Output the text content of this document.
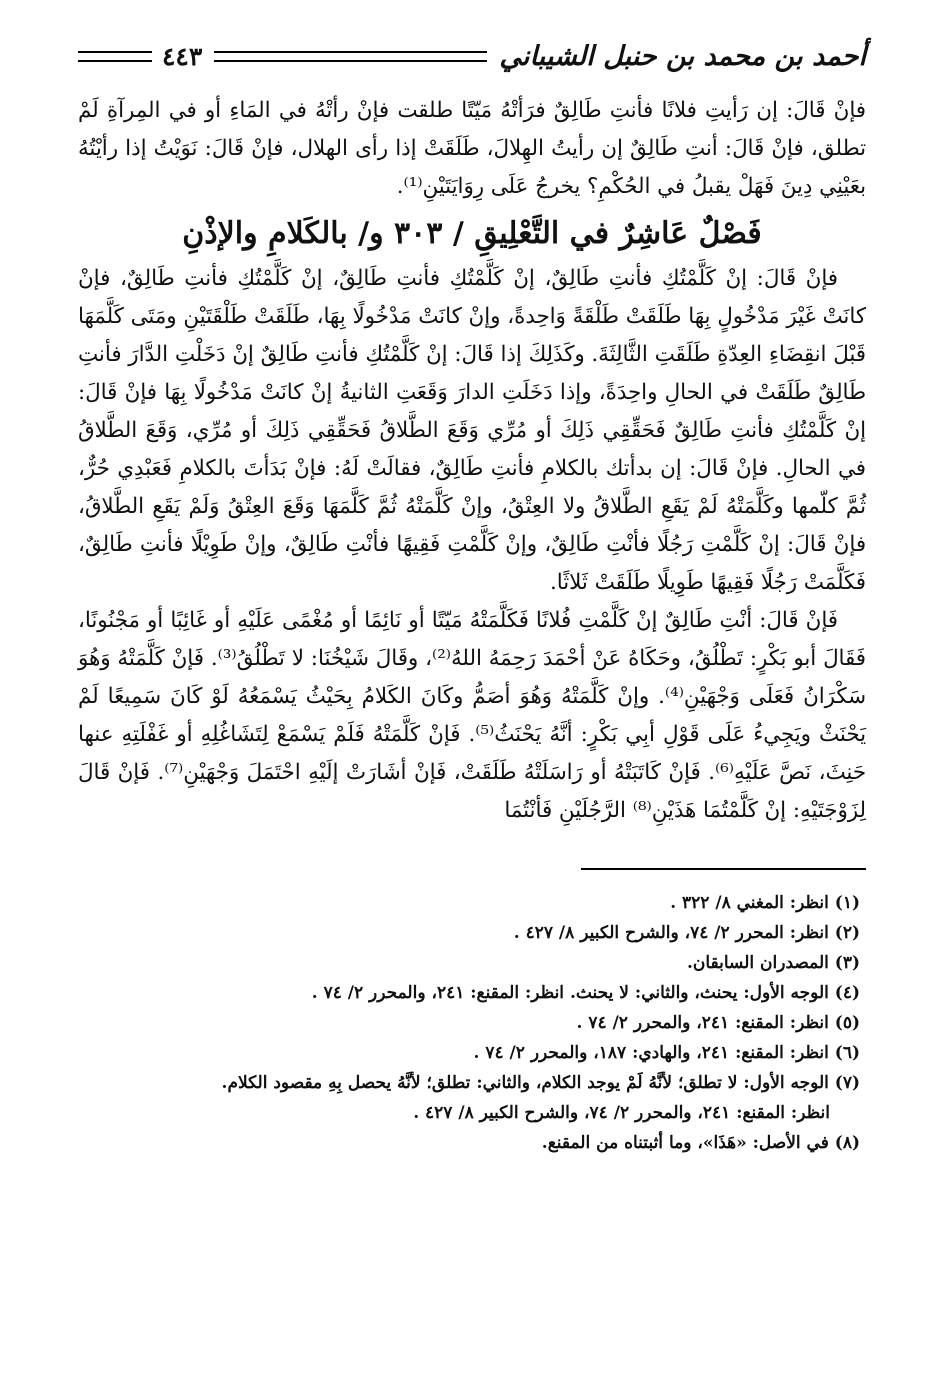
أحمد بن محمد بن حنبل الشيباني
٤٤٣

فإنْ قَالَ: إن رَأيتِ فلانًا فأنتِ طَالِقٌ فرَأتْهُ مَيّتًا طلقت فإنْ رأتْهُ في المَاءِ أو في المِرآةِ لَمْ تطلق، فإنْ قَالَ: أنتِ طَالِقٌ إن رأيتُ الهِلالَ، طَلَقَتْ إذا رأى الهلال، فإنْ قَالَ: نَوَيْتُ إذا رأيْتُهُ بعَيْنِي دِينَ فَهَلْ يقبلُ في الحُكْمِ؟ يخرجُ عَلَى رِوَايَتَيْنِ⁽¹⁾.

فَصْلٌ عَاشِرٌ في التَّعْلِيقِ / ٣٠٣ و/ بالكَلامِ والإذْنِ

فإنْ قَالَ: إنْ كَلَّمْتُكِ فأنتِ طَالِقٌ، إنْ كَلَّمْتُكِ فأنتِ طَالِقٌ، إنْ كَلَّمْتُكِ فأنتِ طَالِقٌ، فإنْ كانَتْ غَيْرَ مَدْخُولٍ بِهَا طَلَقَتْ طَلْقَةً وَاحِدةً، وإنْ كانَتْ مَدْخُولًا بِهَا، طَلَقَتْ طَلْقَتَيْنِ ومَتَى كَلَّمَهَا قَبْلَ انقِضَاءِ العِدّةِ طَلَقَتِ الثَّالِثَةَ. وكَذَلِكَ إذا قَالَ: إنْ كَلَّمْتُكِ فأنتِ طَالِقٌ إنْ دَخَلْتِ الدَّارَ فأنتِ طَالِقٌ طَلَقَتْ في الحالِ واحِدَةً، وإذا دَخَلَتِ الدارَ وَقَعَتِ الثانيةُ إنْ كانَتْ مَدْخُولًا بِهَا فإنْ قَالَ: إنْ كَلَّمْتُكِ فأنتِ طَالِقٌ فَحَقِّقِي ذَلِكَ أو مُرِّي وَقَعَ الطَّلاقُ فَحَقِّقِي ذَلِكَ أو مُرِّي، وَقَعَ الطَّلاقُ في الحالِ. فإنْ قَالَ: إن بدأتك بالكلامِ فأنتِ طَالِقٌ، فقالَتْ لَهُ: فإنْ بَدَأتَ بالكلامِ فَعَبْدِي حُرٌّ، ثُمَّ كلّمها وكَلَّمَتْهُ لَمْ يَقَعِ الطَّلاقُ ولا العِتْقُ، وإنْ كَلَّمَتْهُ ثُمَّ كَلَّمَهَا وَقَعَ العِتْقُ وَلَمْ يَقَعِ الطَّلاقُ، فإنْ قَالَ: إنْ كَلَّمْتِ رَجُلًا فأنْتِ طَالِقٌ، وإنْ كَلَّمْتِ فَقِيهًا فأنْتِ طَالِقٌ، وإنْ طَوِيْلًا فأنتِ طَالِقٌ، فَكَلَّمَتْ رَجُلًا فَقِيهًا طَوِيلًا طَلَقَتْ ثَلاثًا.

فَإنْ قَالَ: أنْتِ طَالِقٌ إنْ كَلَّمْتِ فُلانًا فَكَلَّمَتْهُ مَيّتًا أو نَائِمًا أو مُغْمًى عَلَيْهِ أو غَائِبًا أو مَجْنُونًا، فَقَالَ أبو بَكْرٍ: تَطْلُقُ، وحَكَاهُ عَنْ أحْمَدَ رَحِمَهُ اللهُ⁽²⁾، وقَالَ شَيْخُنَا: لا تَطْلُقُ⁽³⁾. فَإنْ كَلَّمَتْهُ وَهُوَ سَكْرَانُ فَعَلَى وَجْهَيْنِ⁽⁴⁾. وإنْ كَلَّمَتْهُ وَهُوَ أصَمُّ وكَانَ الكَلامُ بِحَيْثُ يَسْمَعُهُ لَوْ كَانَ سَمِيعًا لَمْ يَحْنَثْ ويَجِيءُ عَلَى قَوْلِ أبِي بَكْرٍ: أنَّهُ يَحْنَثُ⁽⁵⁾. فَإنْ كَلَّمَتْهُ فَلَمْ يَسْمَعْ لِتَشَاغُلِهِ أو غَفْلَتِهِ عنها حَنِثَ، نَصَّ عَلَيْهِ⁽⁶⁾. فَإنْ كَاتَبَتْهُ أو رَاسَلَتْهُ طَلَقَتْ، فَإنْ أشَارَتْ إلَيْهِ احْتَمَلَ وَجْهَيْنِ⁽⁷⁾. فَإنْ قَالَ لِزَوْجَتَيْهِ: إنْ كَلَّمْتُمَا هَذَيْنِ⁽⁸⁾ الرَّجُلَيْنِ فَأنْتُمَا

(١) انظر: المغني ٨/ ٣٢٢ .

(٢) انظر: المحرر ٢/ ٧٤، والشرح الكبير ٨/ ٤٢٧ .

(٣) المصدران السابقان.

(٤) الوجه الأول: يحنث، والثاني: لا يحنث. انظر: المقنع: ٢٤١، والمحرر ٢/ ٧٤ .

(٥) انظر: المقنع: ٢٤١، والمحرر ٢/ ٧٤ .

(٦) انظر: المقنع: ٢٤١، والهادي: ١٨٧، والمحرر ٢/ ٧٤ .

(٧) الوجه الأول: لا تطلق؛ لأنَّهُ لَمْ يوجد الكلام، والثاني: تطلق؛ لأنَّهُ يحصل بِهِ مقصود الكلام.

انظر: المقنع: ٢٤١، والمحرر ٢/ ٧٤، والشرح الكبير ٨/ ٤٢٧ .

(٨) في الأصل: «هَذَا»، وما أثبتناه من المقنع.
